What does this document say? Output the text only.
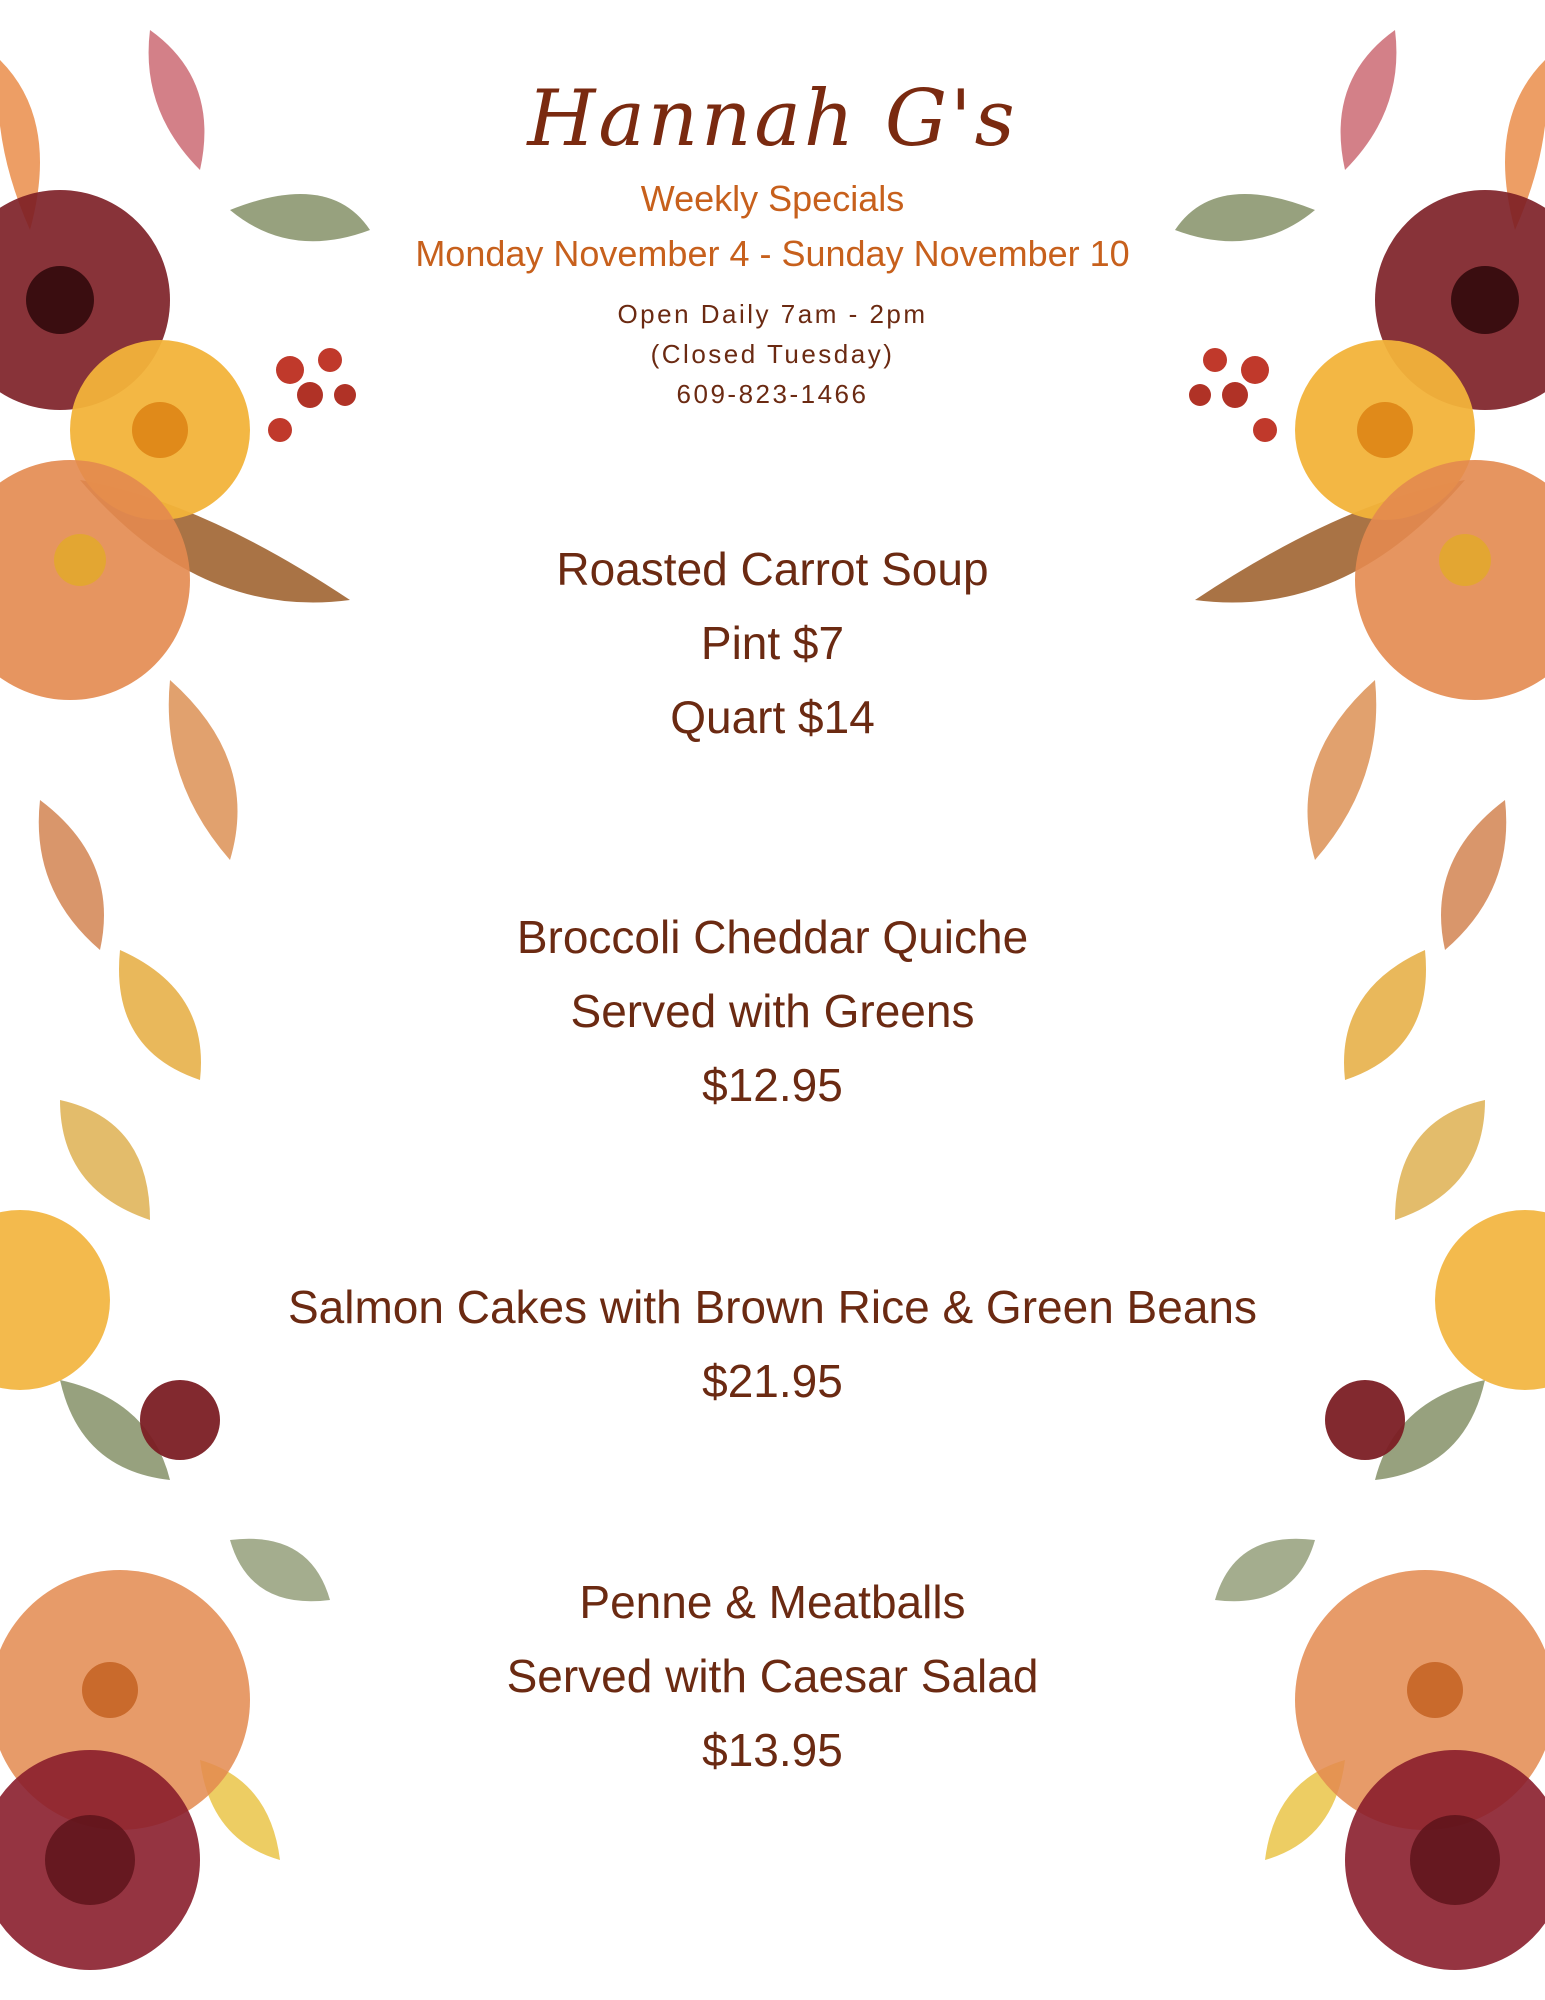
Hannah G's
Weekly Specials
Monday November 4 - Sunday November 10
Open Daily 7am - 2pm
(Closed Tuesday)
609-823-1466
Roasted Carrot Soup
Pint $7
Quart $14
Broccoli Cheddar Quiche
Served with Greens
$12.95
Salmon Cakes with Brown Rice & Green Beans
$21.95
Penne & Meatballs
Served with Caesar Salad
$13.95
